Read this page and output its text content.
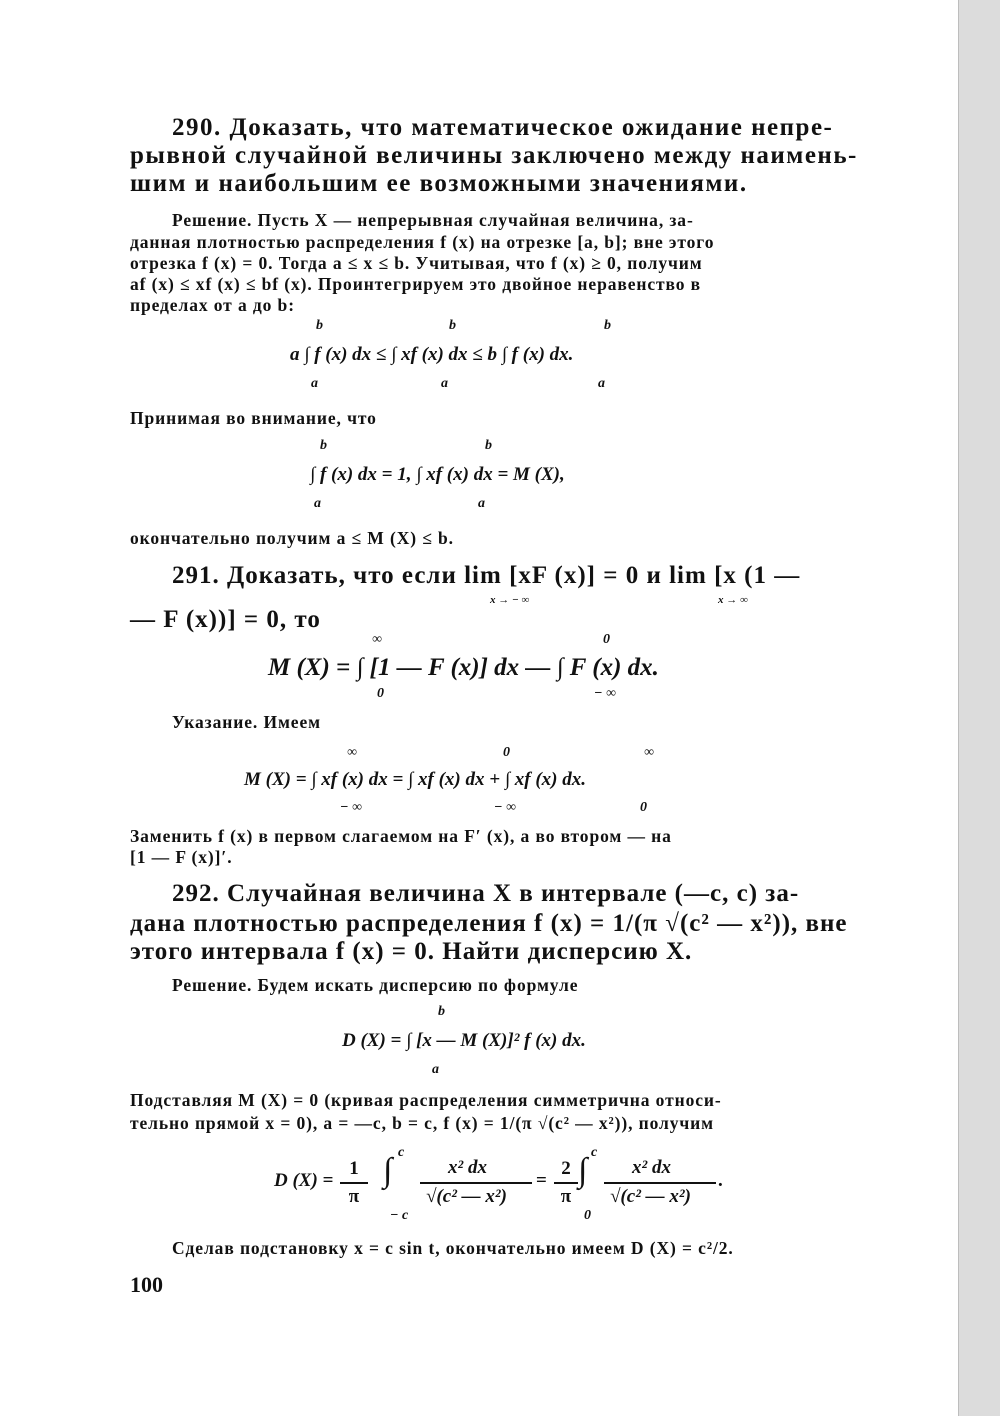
290. Доказать, что математическое ожидание непре-
рывной случайной величины заключено между наимень-
шим и наибольшим ее возможными значениями.
Решение. Пусть X — непрерывная случайная величина, за-
данная плотностью распределения f (x) на отрезке [a, b]; вне этого
отрезка f (x) = 0. Тогда a ≤ x ≤ b. Учитывая, что f (x) ≥ 0, получим
af (x) ≤ xf (x) ≤ bf (x). Проинтегрируем это двойное неравенство в
пределах от a до b:
b
a
b
a
b
a
a ∫ f (x) dx ≤ ∫ xf (x) dx ≤ b ∫ f (x) dx.
Принимая во внимание, что
b
a
b
a
∫ f (x) dx = 1, ∫ xf (x) dx = M (X),
окончательно получим a ≤ M (X) ≤ b.
291. Доказать, что если lim [xF (x)] = 0 и lim [x (1 —
x → − ∞	x → ∞
— F (x))] = 0, то
∞
0
0
− ∞
M (X) = ∫ [1 — F (x)] dx — ∫ F (x) dx.
Указание. Имеем
∞
− ∞
0
− ∞
∞
0
M (X) = ∫ xf (x) dx = ∫ xf (x) dx + ∫ xf (x) dx.
Заменить f (x) в первом слагаемом на F′ (x), а во втором — на
[1 — F (x)]′.
292. Случайная величина X в интервале (—c, c) за-
дана плотностью распределения f (x) = 1/(π √(c² — x²)), вне
этого интервала f (x) = 0. Найти дисперсию X.
Решение. Будем искать дисперсию по формуле
b
a
D (X) = ∫ [x — M (X)]² f (x) dx.
Подставляя M (X) = 0 (кривая распределения симметрична относи-
тельно прямой x = 0), a = —c, b = c, f (x) = 1/(π √(c² — x²)), получим
D (X) =
1
π
∫ c
− c
x² dx
√(c² — x²)
=
2
π
∫ c
0
x² dx
√(c² — x²)
.
Сделав подстановку x = c sin t, окончательно имеем D (X) = c²/2.
100
